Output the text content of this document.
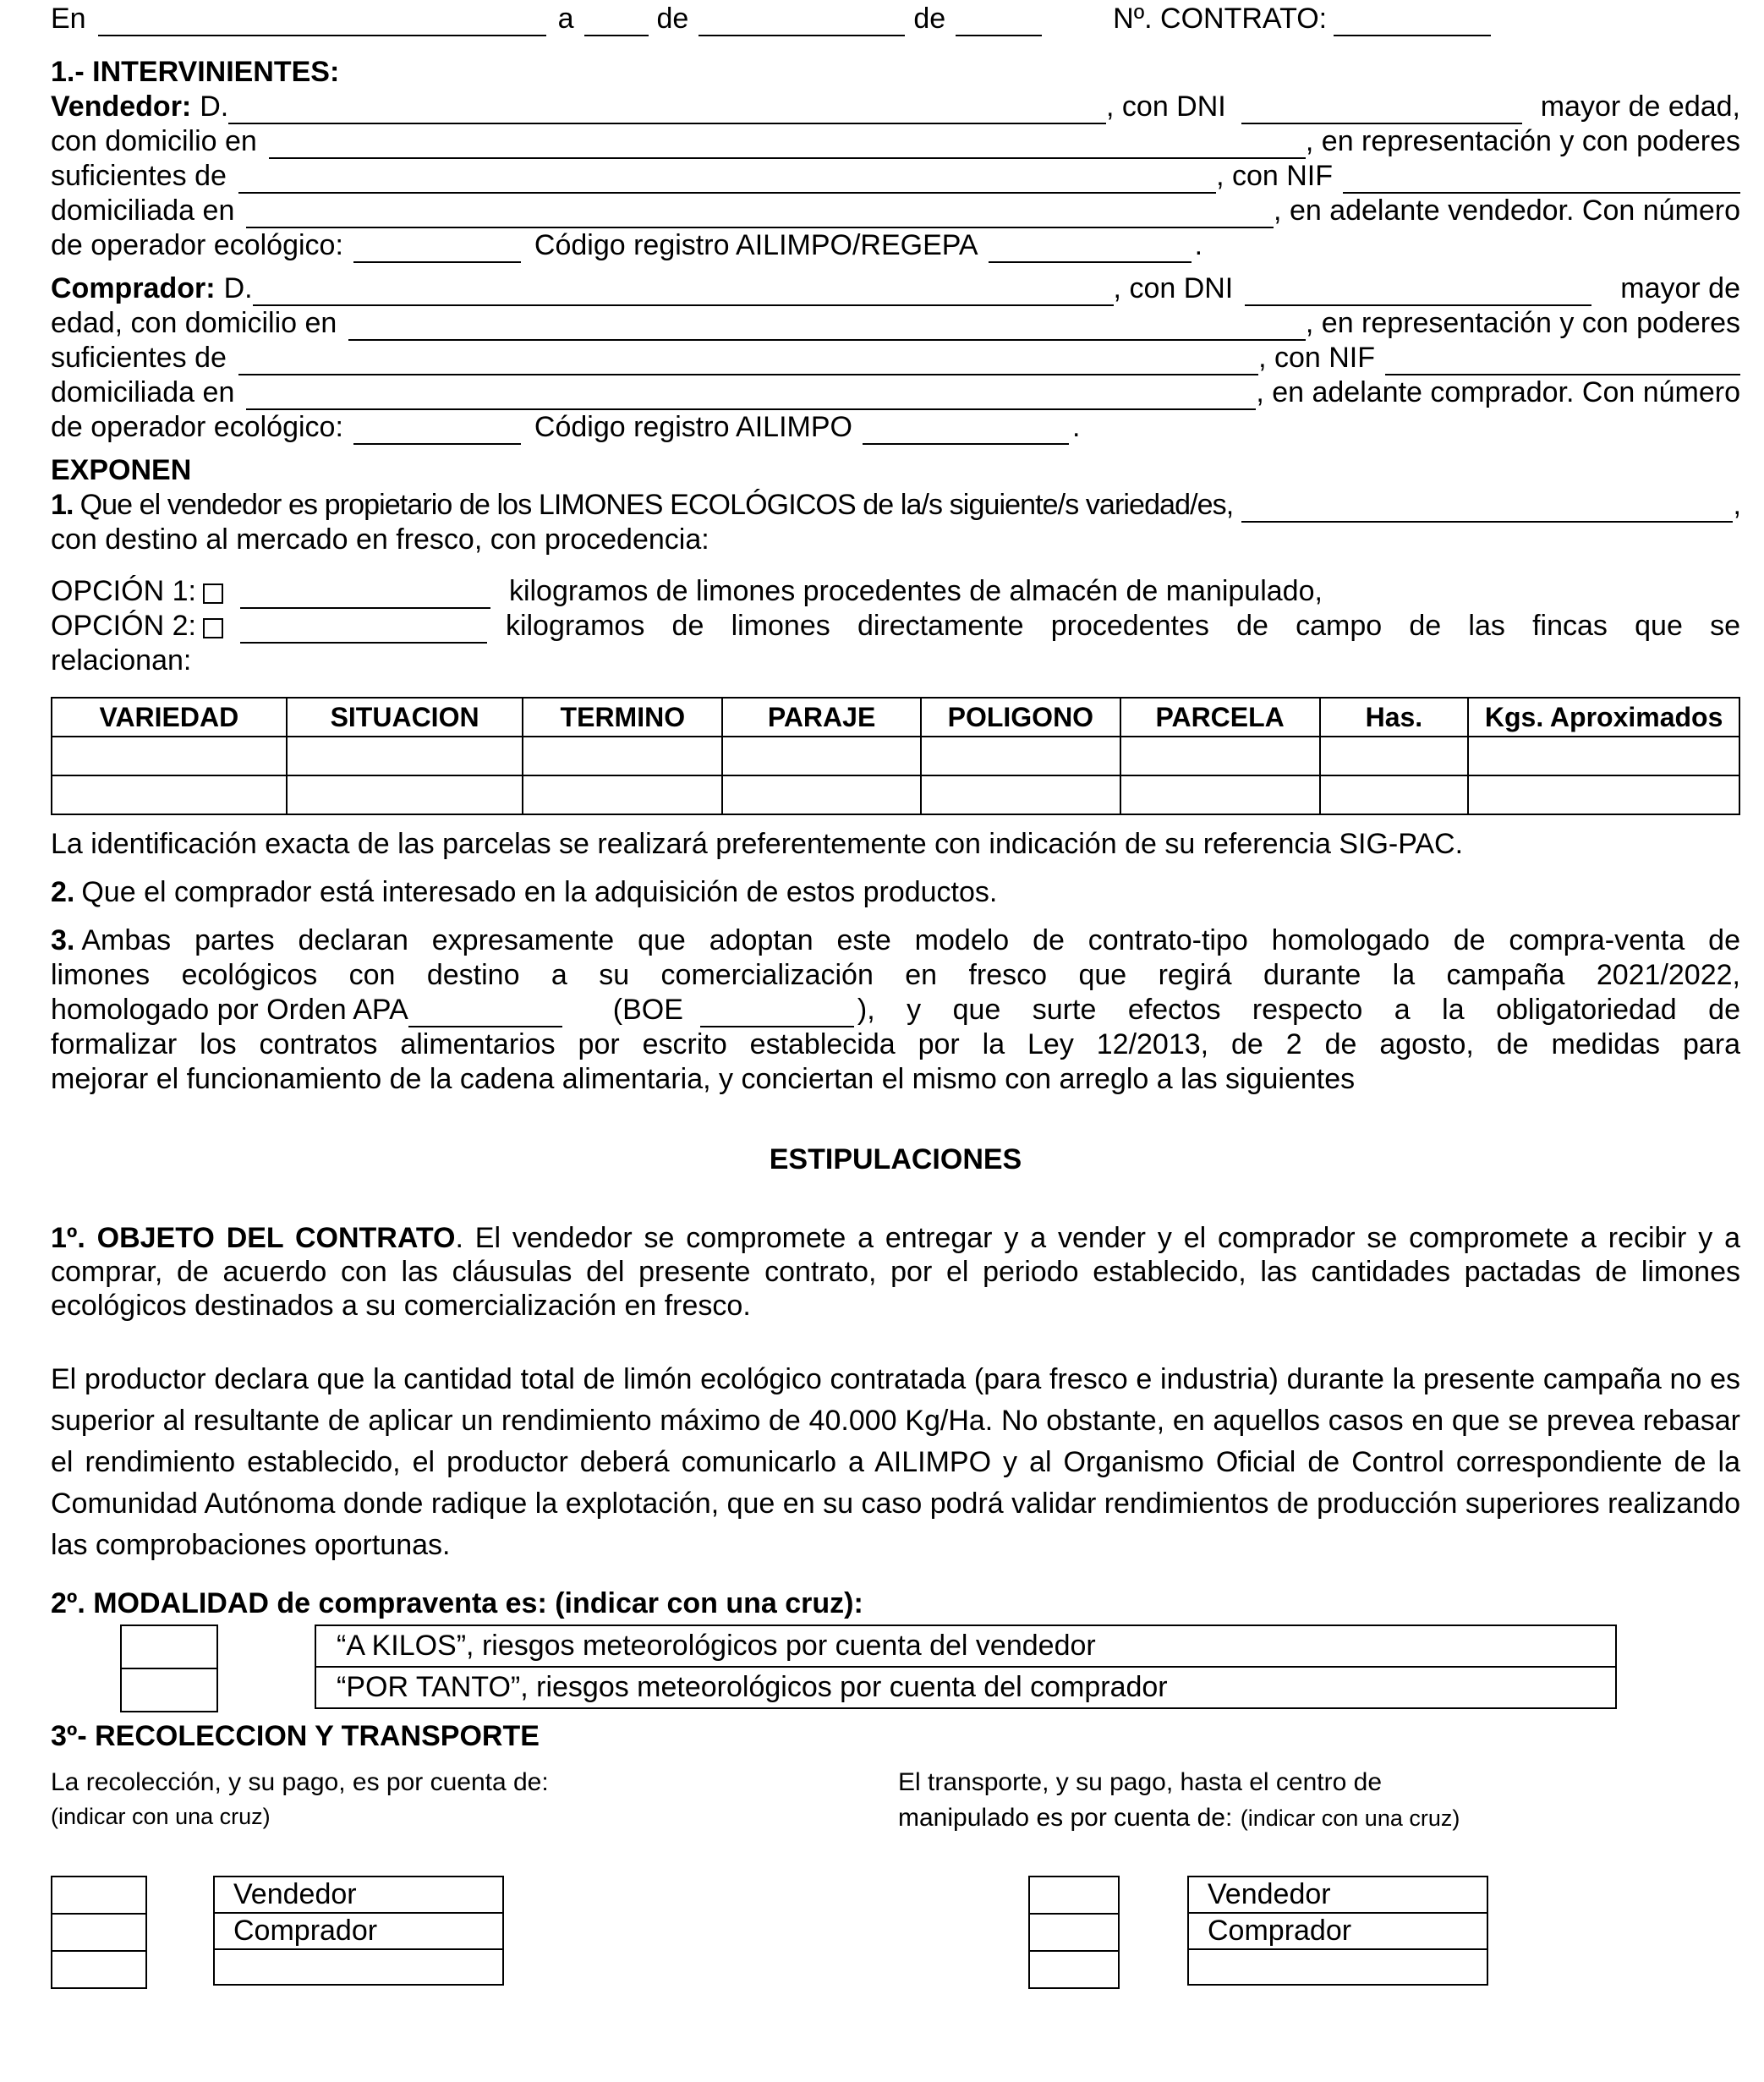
En	a	de	de	Nº. CONTRATO:
1.- INTERVINIENTES:
Vendedor: D.	, con DNI	mayor de edad,
con domicilio en	, en representación y con poderes
suficientes de	, con NIF
domiciliada en	, en adelante vendedor. Con número
de operador ecológico:	Código registro AILIMPO/REGEPA	.
Comprador: D.	, con DNI	mayor de
edad, con domicilio en	, en representación y con poderes
suficientes de	, con NIF
domiciliada en	, en adelante comprador. Con número
de operador ecológico:	Código registro AILIMPO	.
EXPONEN
1. Que el vendedor es propietario de los LIMONES ECOLÓGICOS de la/s siguiente/s variedad/es,	,
con destino al mercado en fresco, con procedencia:
OPCIÓN 1:	kilogramos de limones procedentes de almacén de manipulado,
OPCIÓN 2:	kilogramos de limones directamente procedentes de campo de las fincas que se
relacionan:
VARIEDAD	SITUACION	TERMINO	PARAJE	POLIGONO	PARCELA	Has.	Kgs. Aproximados

La identificación exacta de las parcelas se realizará preferentemente con indicación de su referencia SIG-PAC.
2. Que el comprador está interesado en la adquisición de estos productos.
3. Ambas partes declaran expresamente que adoptan este modelo de contrato-tipo homologado de compra-venta de
limones ecológicos con destino a su comercialización en fresco que regirá durante la campaña 2021/2022,
homologado por Orden APA	(BOE	), y que surte efectos respecto a la obligatoriedad de
formalizar los contratos alimentarios por escrito establecida por la Ley 12/2013, de 2 de agosto, de medidas para
mejorar el funcionamiento de la cadena alimentaria, y conciertan el mismo con arreglo a las siguientes
ESTIPULACIONES
1º. OBJETO DEL CONTRATO. El vendedor se compromete a entregar y a vender y el comprador se compromete a recibir y a comprar, de acuerdo con las cláusulas del presente contrato, por el periodo establecido, las cantidades pactadas de limones ecológicos destinados a su comercialización en fresco.
El productor declara que la cantidad total de limón ecológico contratada (para fresco e industria) durante la presente campaña no es superior al resultante de aplicar un rendimiento máximo de 40.000 Kg/Ha. No obstante, en aquellos casos en que se prevea rebasar el rendimiento establecido, el productor deberá comunicarlo a AILIMPO y al Organismo Oficial de Control correspondiente de la Comunidad Autónoma donde radique la explotación, que en su caso podrá validar rendimientos de producción superiores realizando las comprobaciones oportunas.
2º. MODALIDAD de compraventa es: (indicar con una cruz):

“A KILOS”, riesgos meteorológicos por cuenta del vendedor
“POR TANTO”, riesgos meteorológicos por cuenta del comprador
3º- RECOLECCION Y TRANSPORTE
La recolección, y su pago, es por cuenta de:
(indicar con una cruz)
El transporte, y su pago, hasta el centro de
manipulado es por cuenta de: (indicar con una cruz)

Vendedor
Comprador

Vendedor
Comprador
